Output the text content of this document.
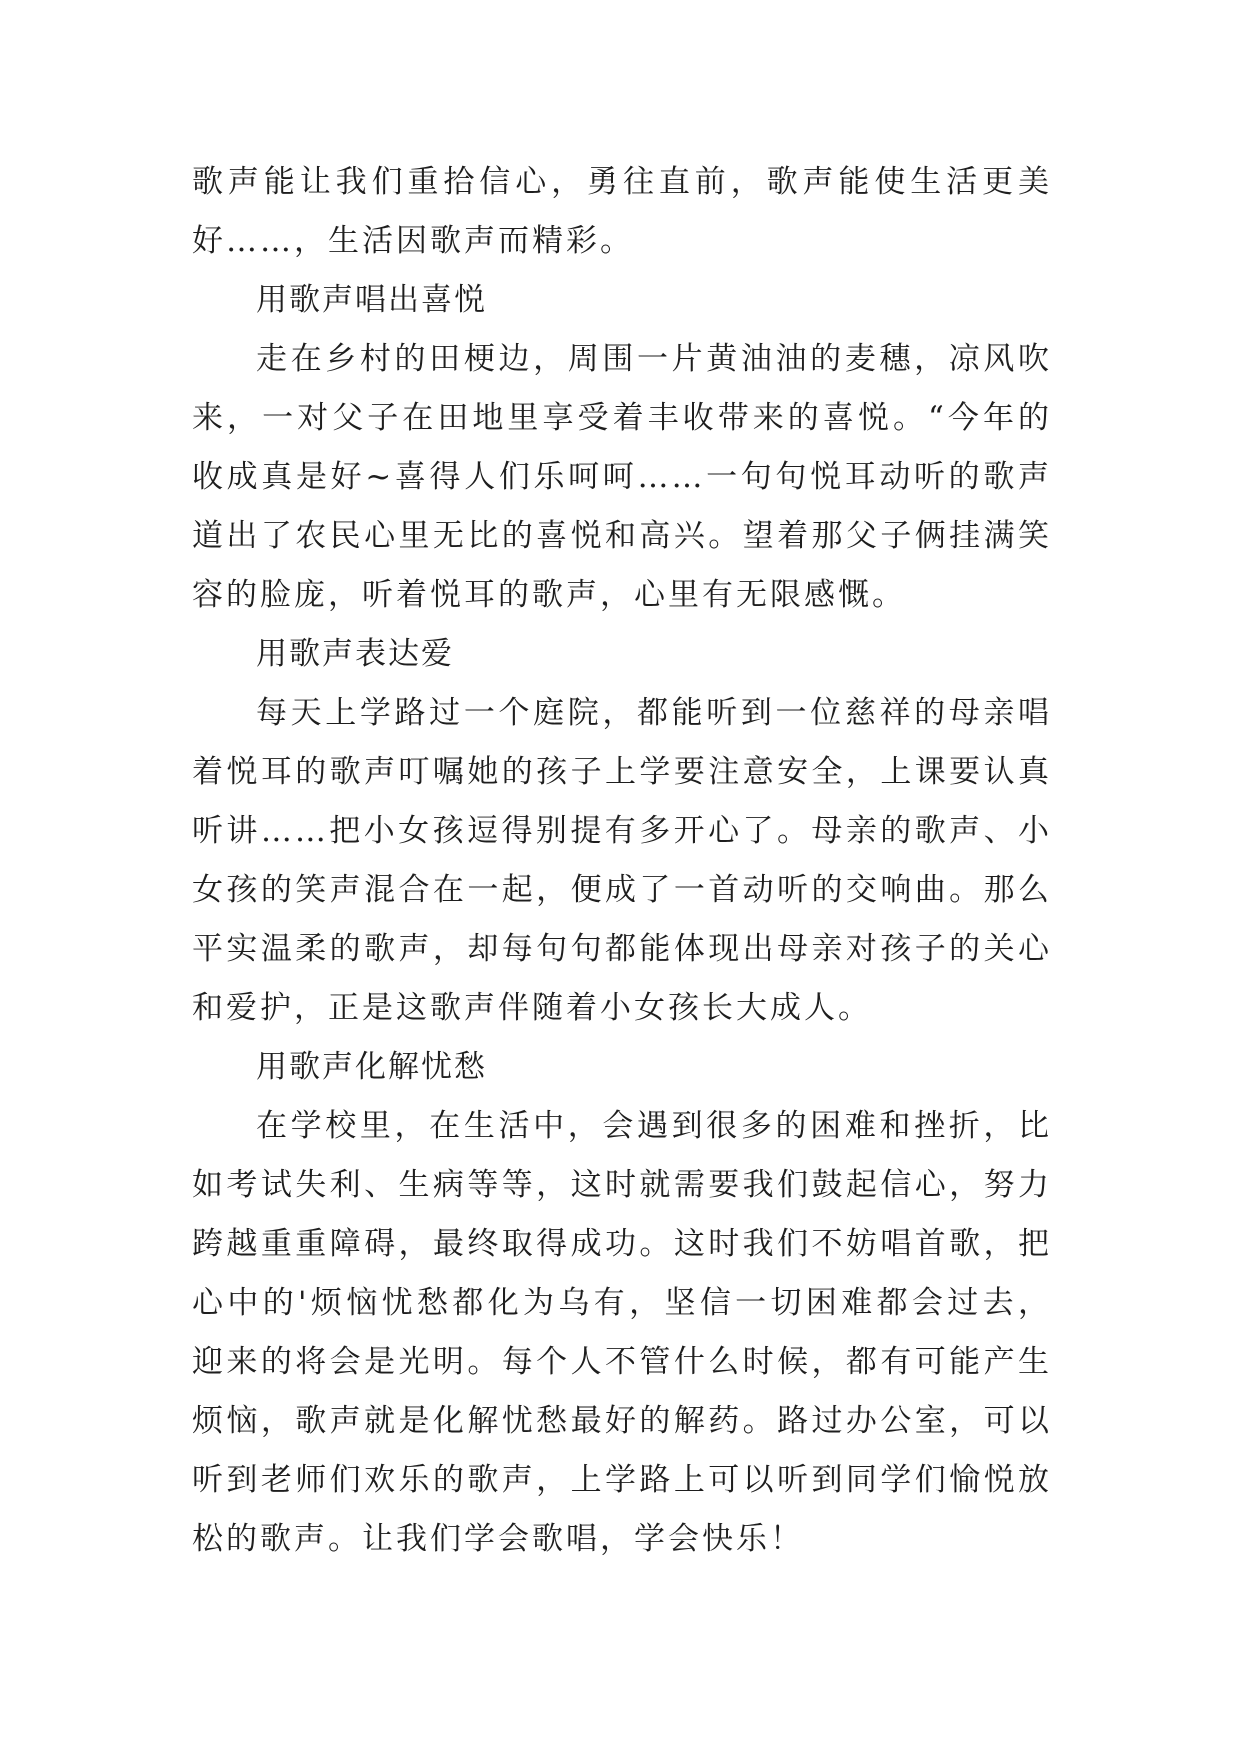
歌声能让我们重拾信心，勇往直前，歌声能使生活更美好……，生活因歌声而精彩。

用歌声唱出喜悦

走在乡村的田梗边，周围一片黄油油的麦穗，凉风吹来，一对父子在田地里享受着丰收带来的喜悦。“今年的收成真是好~喜得人们乐呵呵……一句句悦耳动听的歌声道出了农民心里无比的喜悦和高兴。望着那父子俩挂满笑容的脸庞，听着悦耳的歌声，心里有无限感慨。

用歌声表达爱

每天上学路过一个庭院，都能听到一位慈祥的母亲唱着悦耳的歌声叮嘱她的孩子上学要注意安全，上课要认真听讲……把小女孩逗得别提有多开心了。母亲的歌声、小女孩的笑声混合在一起，便成了一首动听的交响曲。那么平实温柔的歌声，却每句句都能体现出母亲对孩子的关心和爱护，正是这歌声伴随着小女孩长大成人。

用歌声化解忧愁

在学校里，在生活中，会遇到很多的困难和挫折，比如考试失利、生病等等，这时就需要我们鼓起信心，努力跨越重重障碍，最终取得成功。这时我们不妨唱首歌，把心中的'烦恼忧愁都化为乌有，坚信一切困难都会过去，迎来的将会是光明。每个人不管什么时候，都有可能产生烦恼，歌声就是化解忧愁最好的解药。路过办公室，可以听到老师们欢乐的歌声，上学路上可以听到同学们愉悦放松的歌声。让我们学会歌唱，学会快乐！
